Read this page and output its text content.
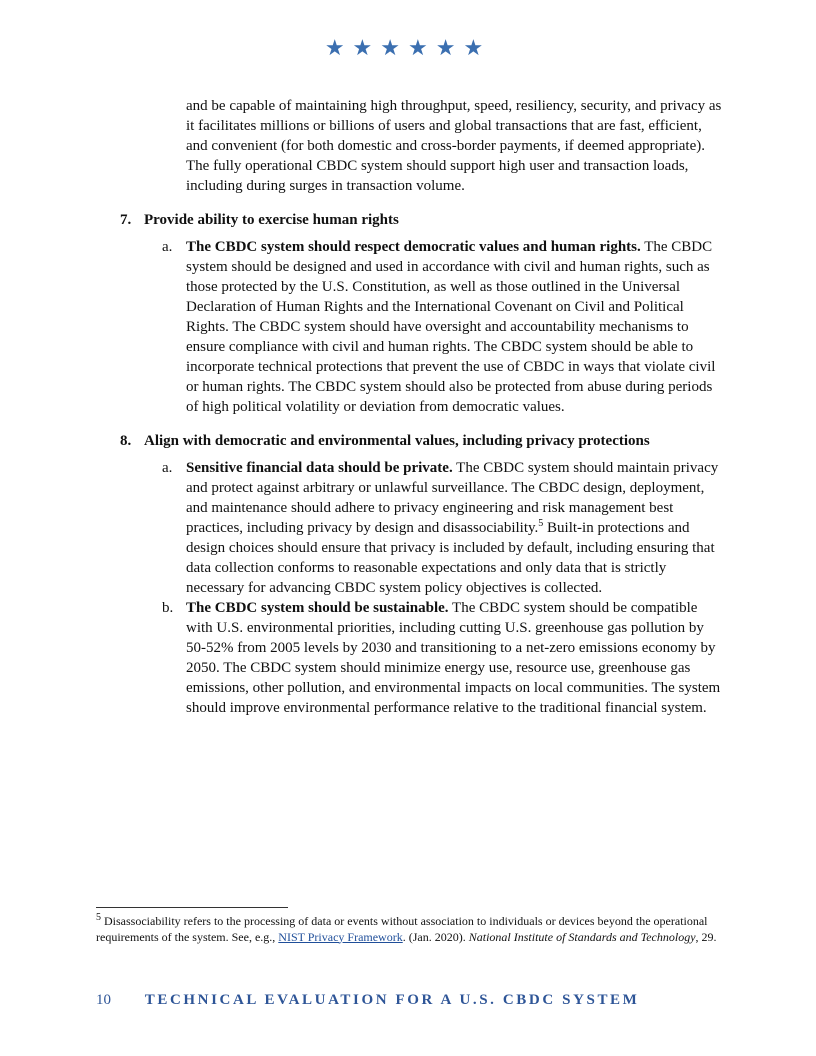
★★★★★★

and be capable of maintaining high throughput, speed, resiliency, security, and privacy as it facilitates millions or billions of users and global transactions that are fast, efficient, and convenient (for both domestic and cross-border payments, if deemed appropriate). The fully operational CBDC system should support high user and transaction loads, including during surges in transaction volume.

7. Provide ability to exercise human rights
a. The CBDC system should respect democratic values and human rights. The CBDC system should be designed and used in accordance with civil and human rights, such as those protected by the U.S. Constitution, as well as those outlined in the Universal Declaration of Human Rights and the International Covenant on Civil and Political Rights. The CBDC system should have oversight and accountability mechanisms to ensure compliance with civil and human rights. The CBDC system should be able to incorporate technical protections that prevent the use of CBDC in ways that violate civil or human rights. The CBDC system should also be protected from abuse during periods of high political volatility or deviation from democratic values.
8. Align with democratic and environmental values, including privacy protections
a. Sensitive financial data should be private. The CBDC system should maintain privacy and protect against arbitrary or unlawful surveillance. The CBDC design, deployment, and maintenance should adhere to privacy engineering and risk management best practices, including privacy by design and disassociability.$^5$ Built-in protections and design choices should ensure that privacy is included by default, including ensuring that data collection conforms to reasonable expectations and only data that is strictly necessary for advancing CBDC system policy objectives is collected.
b. The CBDC system should be sustainable. The CBDC system should be compatible with U.S. environmental priorities, including cutting U.S. greenhouse gas pollution by 50-52% from 2005 levels by 2030 and transitioning to a net-zero emissions economy by 2050. The CBDC system should minimize energy use, resource use, greenhouse gas emissions, other pollution, and environmental impacts on local communities. The system should improve environmental performance relative to the traditional financial system.
$^5$ Disassociability refers to the processing of data or events without association to individuals or devices beyond the operational requirements of the system. See, e.g., NIST Privacy Framework. (Jan. 2020). National Institute of Standards and Technology, 29.
10 TECHNICAL EVALUATION FOR A U.S. CBDC SYSTEM
